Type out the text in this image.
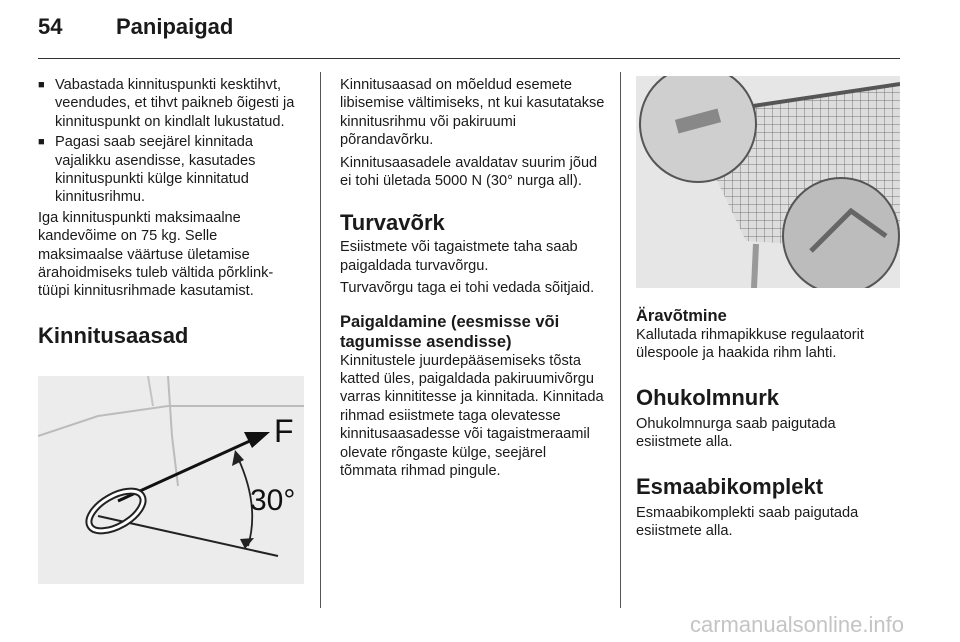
54 Panipaigad
■ Vabastada kinnituspunkti kesktihvt, veendudes, et tihvt paikneb õigesti ja kinnituspunkt on kindlalt lukustatud.
■ Pagasi saab seejärel kinnitada vajalikku asendisse, kasutades kinnituspunkti külge kinnitatud kinnitusrihmu.

Iga kinnituspunkti maksimaalne kandevõime on 75 kg. Selle maksimaalse väärtuse ületamise ärahoidmiseks tuleb vältida põrklink-tüüpi kinnitusrihmade kasutamist.

Kinnitusaasad
F
30°

Kinnitusaasad on mõeldud esemete libisemise vältimiseks, nt kui kasutatakse kinnitusrihmu või pakiruumi põrandavõrku.

Kinnitusaasadele avaldatav suurim jõud ei tohi ületada 5000 N (30° nurga all).

Turvavõrk

Esiistmete või tagaistmete taha saab paigaldada turvavõrgu.

Turvavõrgu taga ei tohi vedada sõitjaid.

Paigaldamine (eesmisse või tagumisse asendisse)

Kinnitustele juurdepääsemiseks tõsta katted üles, paigaldada pakiruumivõrgu varras kinnititesse ja kinnitada. Kinnitada rihmad esiistmete taga olevatesse kinnitusaasadesse või tagaistmeraamil olevate rõngaste külge, seejärel tõmmata rihmad pingule.

Äravõtmine

Kallutada rihmapikkuse regulaatorit ülespoole ja haakida rihm lahti.

Ohukolmnurk

Ohukolmnurga saab paigutada esiistmete alla.

Esmaabikomplekt

Esmaabikomplekti saab paigutada esiistmete alla.

carmanualsonline.info
